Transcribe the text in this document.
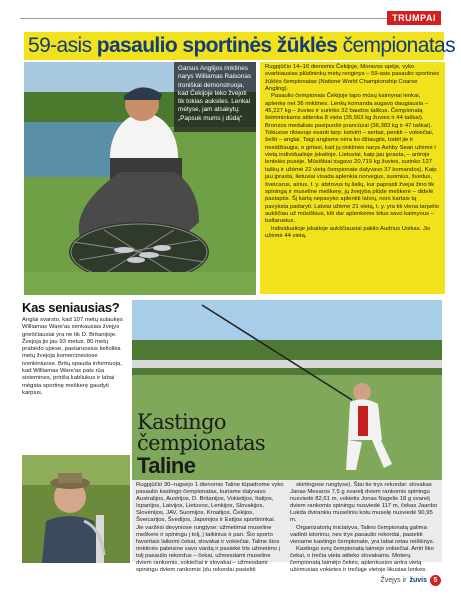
TRUMPAI
59-asis pasaulio sportinės žūklės čempionatas
Garsus Anglijos rinktinės narys Williamas Raisonas Ironiškai demonstruoja, kad Čekijoje teko žvejoti tik tokias auksiles. Lenkai mėtyse, jam atsakytų: „Papsuk mums į dūdą“

Rugpjūčio 14–16 dienomis Čekijoje, Moravos upėje, vyko svarbiausias plūdininkų metų renginys – 59-asis pasaulio sportinės žūklės čempionatas (Nationė World Championship Coarse Angling).

Pasaulio čempionais Čekijoje tapo mūsų kaimynai lenkai, aplenkę net 36 rinktines. Lenkų komanda sugavo daugiausia – 45,227 kg – žuvies ir surinko 32 baudos taškus. Čempionatą šeimininkams atitenka 8 vieta (35,563 kg žuvies ir 44 taškai). Bronzos medaliais pasipuošė prancūzai (36,383 kg ir 47 taškai). Tokiuose rikiavoje esanti tarp: ketvirti – serbai, penkti – vokiečiai, šešti – anglai. Taigi anglams nėra ko džiaugtis, todėl jie ir nesidžiaugia, o girtasi, kad jų rinktinės narys Ashby Sean užėmė I vietą individualioje įskaitoje. Lietuviai, kaip jau įprasta, – antroje lentelės pusėje. Mūsiškiai sugavo 20,719 kg žuvies, surinko 127 taškų ir užėmė 22 vietą čempionate dalyvavo 37 komandos). Kaip jau įprasta, lietuviai visada aplenkia norvegus, suomius, švedus, šveicarus, airius, t. y. atstovus tų šalių, kur paprasti žvejai žino tik spiningą ir museline meškerę, jų žvejyba plūde meškerė – didelė pastaptis. Šį kartą nepavyko aplenkti latvių, nors kartais tą pavyksta padaryti. Latviai užėmė 21 vietą, t. y. yra tik viena tarpelio aukščiau už mūsiškius, kiti dar aplenkėme kitus savo kaimynus – baltarusius.

Individualioje įskaitoje aukščiausiai pakilo Audrius Uoikas. Jis užėmė 44 vietą.

Kas seniausias?
Anglai svarsto, kad 107 metų sulaukęs Williamas Ware'as senkausias žvejys grieščiausiai yra ne tik D. Britanijoje. Žvejoja jis jau 93 metus. 80 metų prabėdo upėse, pastaruosius keliolika metų žvejoja komercinėsiose tvenkiniuose. Britų spauda informuoja, kad Williamas Ware'as pats rūa sistemines, pririša kabliukus ir labai mėgsta sportinę meškerę gaudyti karpius.
Kastingo
čempionatas
Taline

Rugpjūčio 30–rugsėjo 1 dienomis Taline tūpadrome vyko pasaulio kastingo čempionatas, kuriame dalyvavo Australijos, Austrijos, D. Britanijos, Vokietijos, Italijos, Ispanijos, Latvijos, Lietuvos, Lenkijos, Slovakijos, Slovėnijos, JAV, Suomijos, Kroatijos, Čekijos, Šveicarijos, Švedijos, Japonijos ir Estijos sportininkai. Jie varžėsi devyniose rungtyse: užmetimai museline meškere ir spiningu į tolį, į taikinius ir pan. Šio sporto favoritais laikomi čekai, slovakai ir vokiečiai. Taline šios rinktinės pateisine savo vardą ir pasiekė tris užmetimo į tolį pasaulio rekordus – čekai, užmesdami museline dviem rankomis, vokiečiai ir slovakai – užmesdami spiningu dviem rankomis (du rekordai pasiekti

skirtingose rungtyse). Štai tie trys rekordai: slovakas Janas Mesaros 7,5 g svarelį dviem rankomis spiningu nusviedė 82,61 m, vokietis Jonas Nagelis 18 g svarelį dviem rankomis spiningu nusviedė 117 m, čekas Jaanbo Lukda dvirankiu museliniu kotu muselę nusviedė 90,95 m.

Organizatorių iniciatyva, Talino čempionatą galima vadinti istoriniu, nes trys pasaulio rekordai, pasiekti viename kastingo čempionate, yra labai retas reiškinys.

Kastingo svrų čempionatą laimėjo vokiečiai. Antri liko čekai, o trečia vieta atiteko slovakams. Moterų čempionatą laimėjo čekės, aplenkusios antra vietą užėmusias vokietes ir trečiąje vietoje likusias lenkes.

Žvejys ir žuvis 5
